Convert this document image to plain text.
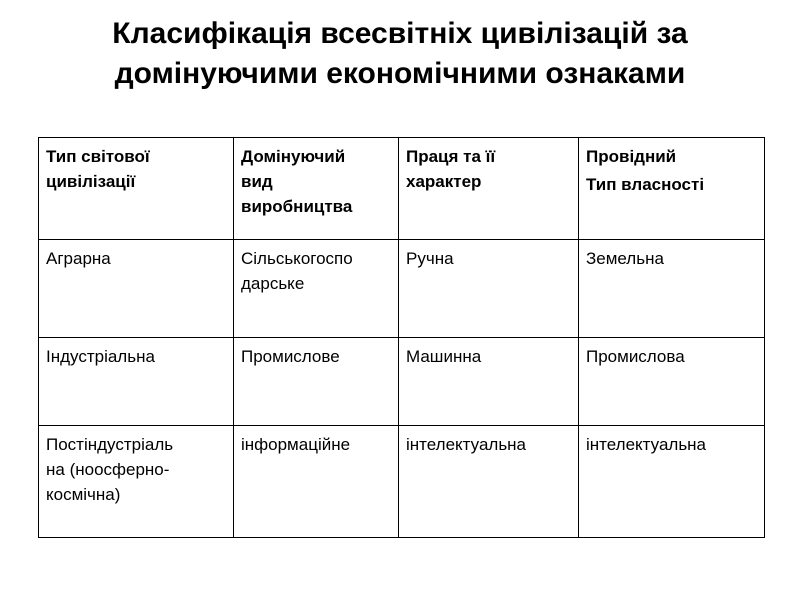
Класифікація всесвітніх цивілізацій за
домінуючими економічними ознаками
Тип світової
цивілізації	Домінуючий
вид
виробництва	Праця та її
характер	Провідний
Тип власності

Аграрна	Сільськогоспо
дарське	Ручна	Земельна

Індустріальна	Промислове	Машинна	Промислова

Постіндустріаль
на (ноосферно-
космічна)	інформаційне	інтелектуальна	інтелектуальна
